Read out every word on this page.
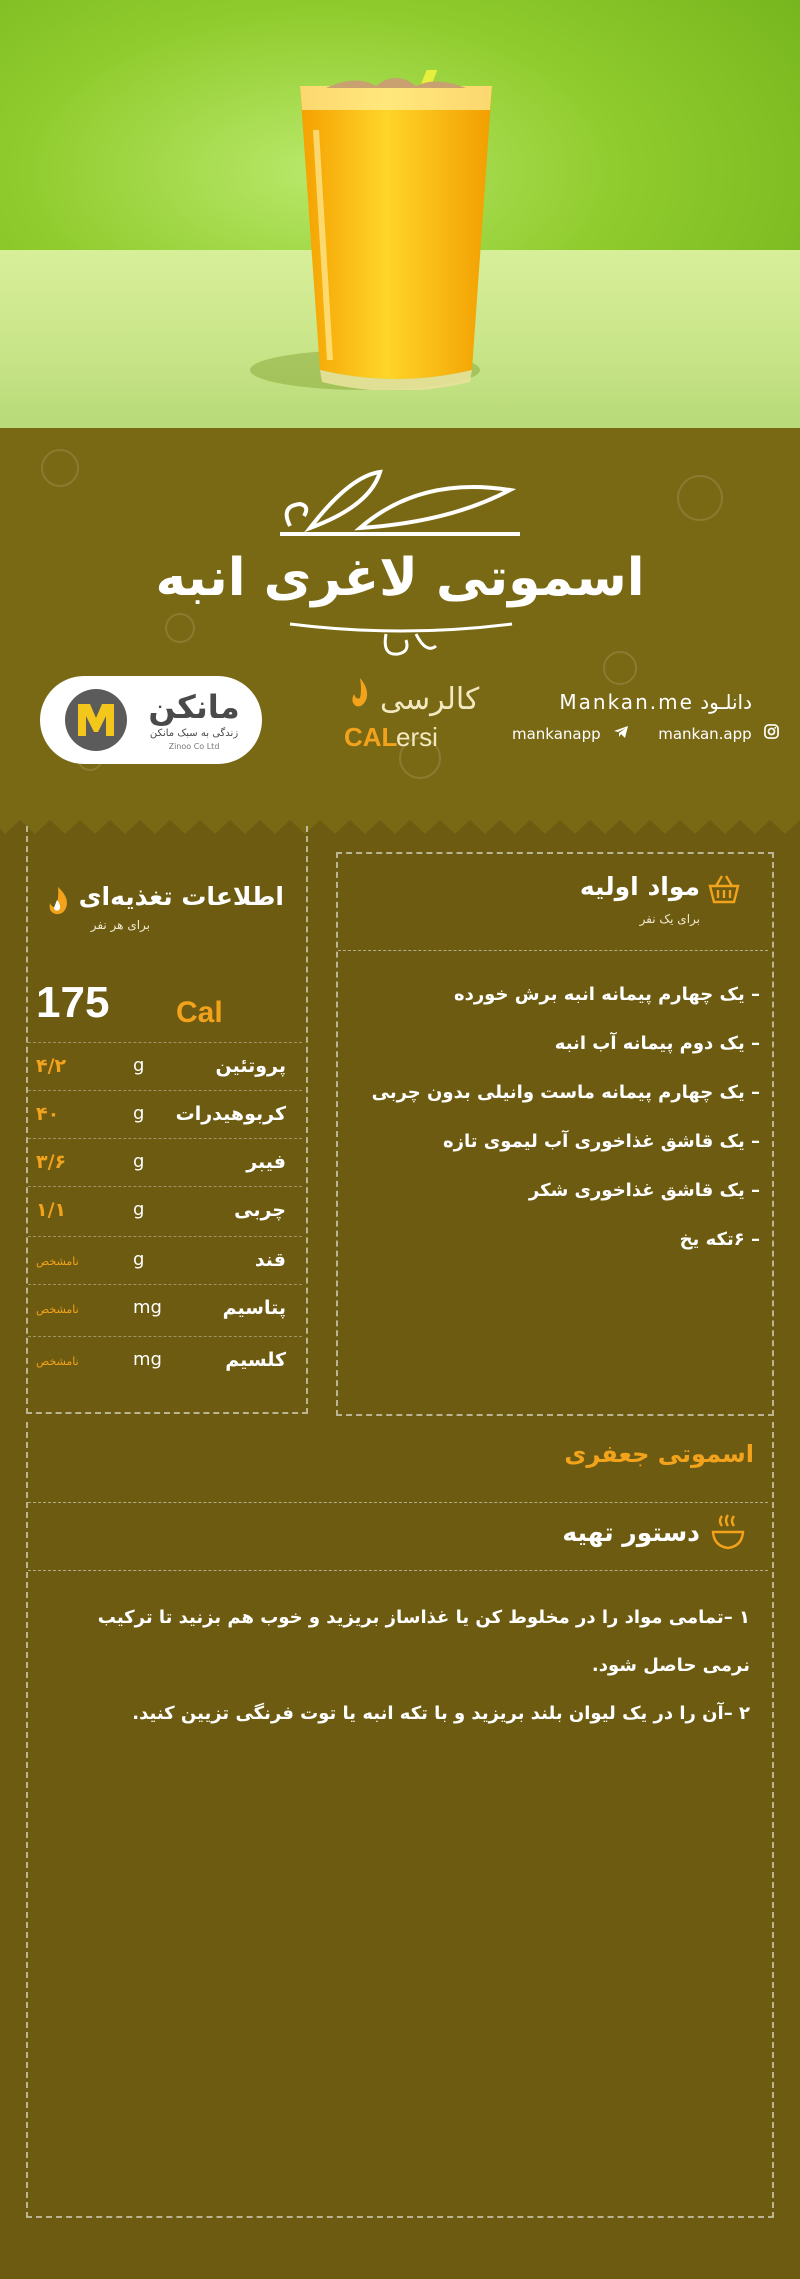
اسموتی لاغری انبه
مانکن
زندگی به سبک مانکن
Zinoo Co Ltd
کالرسی
CAL
ersi
دانلـود Mankan.me
mankanapp	mankan.app
اطلاعات تغذیه‌ای
برای هر نفر
175 Cal
پروتئین
g
۴/۲
کربوهیدرات
g
۴۰
فیبر
g
۳/۶
چربی
g
۱/۱
قند
g
نامشخص
پتاسیم
mg
نامشخص
کلسیم
mg
نامشخص
مواد اولیه
برای یک نفر
– یک چهارم پیمانه انبه برش خورده
– یک دوم پیمانه آب انبه
– یک چهارم پیمانه ماست وانیلی بدون چربی
– یک قاشق غذاخوری آب لیموی تازه
– یک قاشق غذاخوری شکر
– ۶تکه یخ
اسموتی جعفری
دستور تهیه
۱ –تمامی مواد را در مخلوط کن یا غذاساز بریزید و خوب هم بزنید تا ترکیب نرمی حاصل شود.
۲ –آن را در یک لیوان بلند بریزید و با تکه انبه یا توت فرنگی تزیین کنید.
